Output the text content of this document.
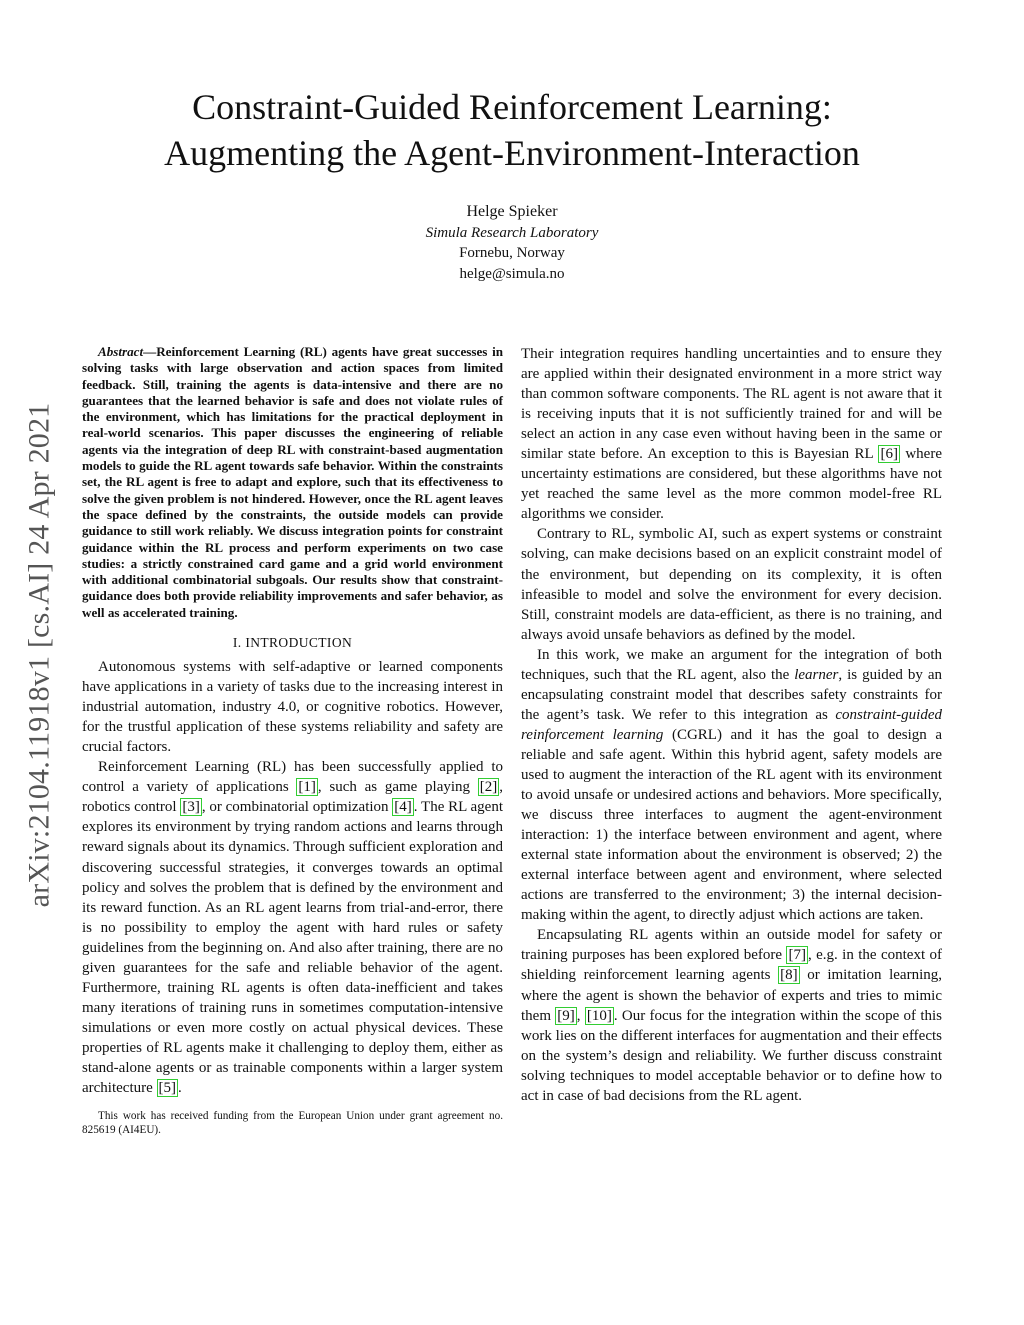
Constraint-Guided Reinforcement Learning:
Augmenting the Agent-Environment-Interaction
Helge Spieker
Simula Research Laboratory
Fornebu, Norway
helge@simula.no
arXiv:2104.11918v1 [cs.AI] 24 Apr 2021

Abstract—Reinforcement Learning (RL) agents have great successes in solving tasks with large observation and action spaces from limited feedback. Still, training the agents is data-intensive and there are no guarantees that the learned behavior is safe and does not violate rules of the environment, which has limitations for the practical deployment in real-world scenarios. This paper discusses the engineering of reliable agents via the integration of deep RL with constraint-based augmentation models to guide the RL agent towards safe behavior. Within the constraints set, the RL agent is free to adapt and explore, such that its effectiveness to solve the given problem is not hindered. However, once the RL agent leaves the space defined by the constraints, the outside models can provide guidance to still work reliably. We discuss integration points for constraint guidance within the RL process and perform experiments on two case studies: a strictly constrained card game and a grid world environment with additional combinatorial subgoals. Our results show that constraint-guidance does both provide reliability improvements and safer behavior, as well as accelerated training.

I. INTRODUCTION

Autonomous systems with self-adaptive or learned components have applications in a variety of tasks due to the increasing interest in industrial automation, industry 4.0, or cognitive robotics. However, for the trustful application of these systems reliability and safety are crucial factors.

Reinforcement Learning (RL) has been successfully applied to control a variety of applications [1] , such as game playing [2] , robotics control [3] , or combinatorial optimization [4] . The RL agent explores its environment by trying random actions and learns through reward signals about its dynamics. Through sufficient exploration and discovering successful strategies, it converges towards an optimal policy and solves the problem that is defined by the environment and its reward function. As an RL agent learns from trial-and-error, there is no possibility to employ the agent with hard rules or safety guidelines from the beginning on. And also after training, there are no given guarantees for the safe and reliable behavior of the agent. Furthermore, training RL agents is often data-inefficient and takes many iterations of training runs in sometimes computation-intensive simulations or even more costly on actual physical devices. These properties of RL agents make it challenging to deploy them, either as stand-alone agents or as trainable components within a larger system architecture [5] .

This work has received funding from the European Union under grant agreement no. 825619 (AI4EU).

Their integration requires handling uncertainties and to ensure they are applied within their designated environment in a more strict way than common software components. The RL agent is not aware that it is receiving inputs that it is not sufficiently trained for and will be select an action in any case even without having been in the same or similar state before. An exception to this is Bayesian RL [6] where uncertainty estimations are considered, but these algorithms have not yet reached the same level as the more common model-free RL algorithms we consider.

Contrary to RL, symbolic AI, such as expert systems or constraint solving, can make decisions based on an explicit constraint model of the environment, but depending on its complexity, it is often infeasible to model and solve the environment for every decision. Still, constraint models are data-efficient, as there is no training, and always avoid unsafe behaviors as defined by the model.

In this work, we make an argument for the integration of both techniques, such that the RL agent, also the learner, is guided by an encapsulating constraint model that describes safety constraints for the agent’s task. We refer to this integration as constraint-guided reinforcement learning (CGRL) and it has the goal to design a reliable and safe agent. Within this hybrid agent, safety models are used to augment the interaction of the RL agent with its environment to avoid unsafe or undesired actions and behaviors. More specifically, we discuss three interfaces to augment the agent-environment interaction: 1) the interface between environment and agent, where external state information about the environment is observed; 2) the external interface between agent and environment, where selected actions are transferred to the environment; 3) the internal decision-making within the agent, to directly adjust which actions are taken.

Encapsulating RL agents within an outside model for safety or training purposes has been explored before [7] , e.g. in the context of shielding reinforcement learning agents [8] or imitation learning, where the agent is shown the behavior of experts and tries to mimic them [9] , [10] . Our focus for the integration within the scope of this work lies on the different interfaces for augmentation and their effects on the system’s design and reliability. We further discuss constraint solving techniques to model acceptable behavior or to define how to act in case of bad decisions from the RL agent.
